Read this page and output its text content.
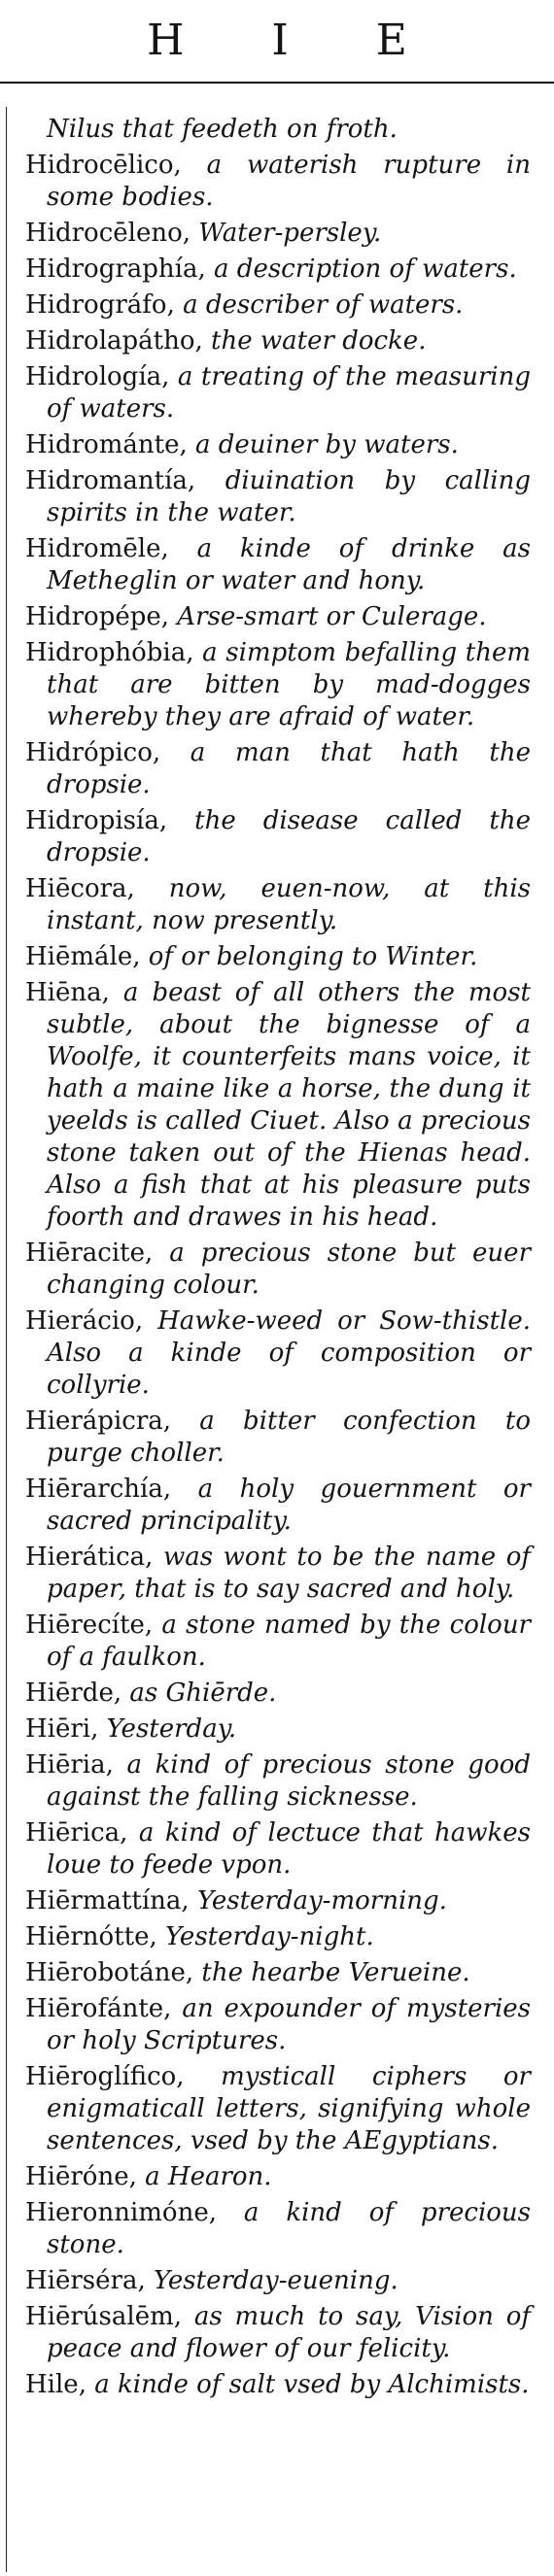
H I E

Nilus that feedeth on froth.

Hidrocēlico, a waterish rupture in some bodies.

Hidrocēleno, Water-persley.

Hidrographía, a description of waters.

Hidrográfo, a describer of waters.

Hidrolapátho, the water docke.

Hidrología, a treating of the measuring of waters.

Hidrománte, a deuiner by waters.

Hidromantía, diuination by calling spirits in the water.

Hidromēle, a kinde of drinke as Metheglin or water and hony.

Hidropépe, Arse-smart or Culerage.

Hidrophóbia, a simptom befalling them that are bitten by mad-dogges whereby they are afraid of water.

Hidrópico, a man that hath the dropsie.

Hidropisía, the disease called the dropsie.

Hiēcora, now, euen-now, at this instant, now presently.

Hiēmále, of or belonging to Winter.

Hiēna, a beast of all others the most subtle, about the bignesse of a Woolfe, it counterfeits mans voice, it hath a maine like a horse, the dung it yeelds is called Ciuet. Also a precious stone taken out of the Hienas head. Also a fish that at his pleasure puts foorth and drawes in his head.

Hiēracite, a precious stone but euer changing colour.

Hierácio, Hawke-weed or Sow-thistle. Also a kinde of composition or collyrie.

Hierápicra, a bitter confection to purge choller.

Hiērarchía, a holy gouernment or sacred principality.

Hierática, was wont to be the name of paper, that is to say sacred and holy.

Hiērecíte, a stone named by the colour of a faulkon.

Hiērde, as Ghiērde.

Hiēri, Yesterday.

Hiēria, a kind of precious stone good against the falling sicknesse.

Hiērica, a kind of lectuce that hawkes loue to feede vpon.

Hiērmattína, Yesterday-morning.

Hiērnótte, Yesterday-night.

Hiērobotáne, the hearbe Verueine.

Hiērofánte, an expounder of mysteries or holy Scriptures.

Hiēroglífico, mysticall ciphers or enigmaticall letters, signifying whole sentences, vsed by the AEgyptians.

Hiēróne, a Hearon.

Hieronnimóne, a kind of precious stone.

Hiērséra, Yesterday-euening.

Hiērúsalēm, as much to say, Vision of peace and flower of our felicity.

Hile, a kinde of salt vsed by Alchimists.
